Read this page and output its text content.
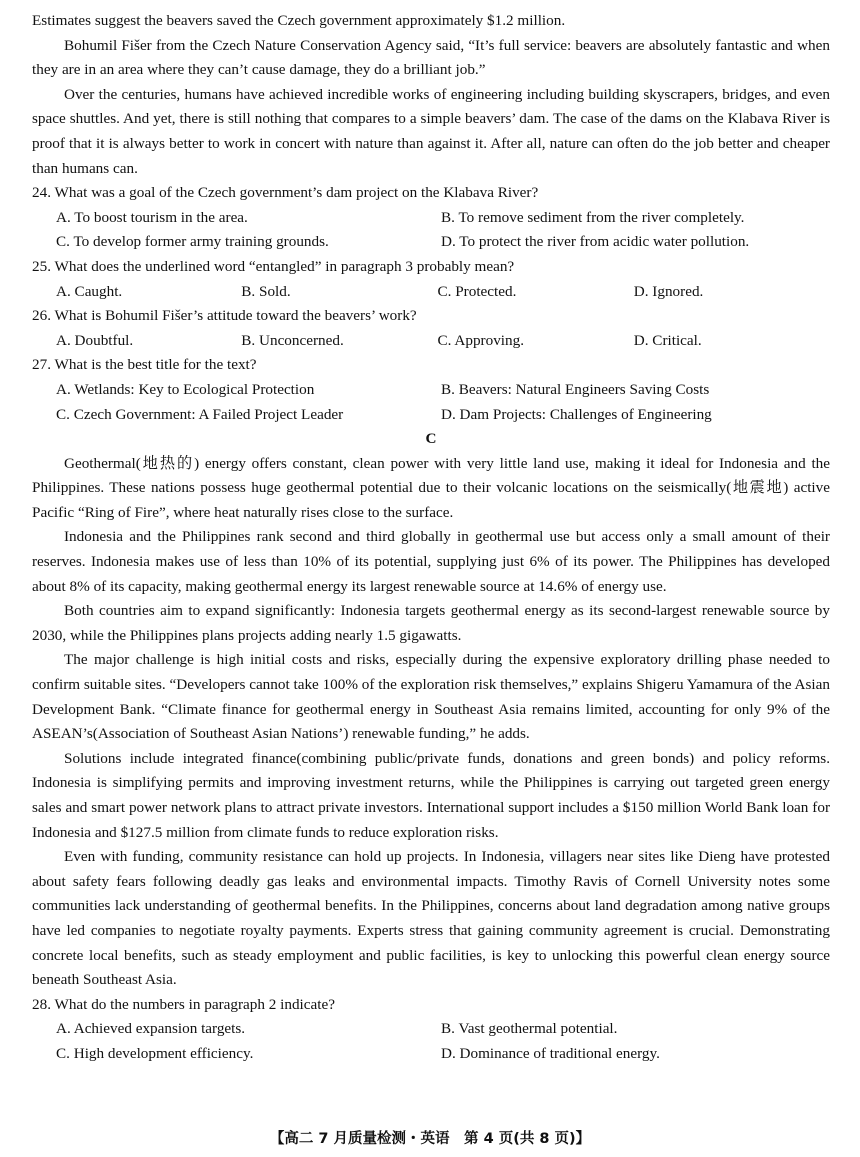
Estimates suggest the beavers saved the Czech government approximately $1.2 million.

Bohumil Fišer from the Czech Nature Conservation Agency said, “It’s full service: beavers are absolutely fantastic and when they are in an area where they can’t cause damage, they do a brilliant job.”

Over the centuries, humans have achieved incredible works of engineering including building skyscrapers, bridges, and even space shuttles. And yet, there is still nothing that compares to a simple beavers’ dam. The case of the dams on the Klabava River is proof that it is always better to work in concert with nature than against it. After all, nature can often do the job better and cheaper than humans can.

24. What was a goal of the Czech government’s dam project on the Klabava River?

A. To boost tourism in the area.	B. To remove sediment from the river completely.
C. To develop former army training grounds.	D. To protect the river from acidic water pollution.

25. What does the underlined word “entangled” in paragraph 3 probably mean?

A. Caught.	B. Sold.	C. Protected.	D. Ignored.

26. What is Bohumil Fišer’s attitude toward the beavers’ work?

A. Doubtful.	B. Unconcerned.	C. Approving.	D. Critical.

27. What is the best title for the text?

A. Wetlands: Key to Ecological Protection	B. Beavers: Natural Engineers Saving Costs
C. Czech Government: A Failed Project Leader	D. Dam Projects: Challenges of Engineering

C

Geothermal(地热的) energy offers constant, clean power with very little land use, making it ideal for Indonesia and the Philippines. These nations possess huge geothermal potential due to their volcanic locations on the seismically(地震地) active Pacific “Ring of Fire”, where heat naturally rises close to the surface.

Indonesia and the Philippines rank second and third globally in geothermal use but access only a small amount of their reserves. Indonesia makes use of less than 10% of its potential, supplying just 6% of its power. The Philippines has developed about 8% of its capacity, making geothermal energy its largest renewable source at 14.6% of energy use.

Both countries aim to expand significantly: Indonesia targets geothermal energy as its second-largest renewable source by 2030, while the Philippines plans projects adding nearly 1.5 gigawatts.

The major challenge is high initial costs and risks, especially during the expensive exploratory drilling phase needed to confirm suitable sites. “Developers cannot take 100% of the exploration risk themselves,” explains Shigeru Yamamura of the Asian Development Bank. “Climate finance for geothermal energy in Southeast Asia remains limited, accounting for only 9% of the ASEAN’s(Association of Southeast Asian Nations’) renewable funding,” he adds.

Solutions include integrated finance(combining public/private funds, donations and green bonds) and policy reforms. Indonesia is simplifying permits and improving investment returns, while the Philippines is carrying out targeted green energy sales and smart power network plans to attract private investors. International support includes a $150 million World Bank loan for Indonesia and $127.5 million from climate funds to reduce exploration risks.

Even with funding, community resistance can hold up projects. In Indonesia, villagers near sites like Dieng have protested about safety fears following deadly gas leaks and environmental impacts. Timothy Ravis of Cornell University notes some communities lack understanding of geothermal benefits. In the Philippines, concerns about land degradation among native groups have led companies to negotiate royalty payments. Experts stress that gaining community agreement is crucial. Demonstrating concrete local benefits, such as steady employment and public facilities, is key to unlocking this powerful clean energy source beneath Southeast Asia.

28. What do the numbers in paragraph 2 indicate?

A. Achieved expansion targets.	B. Vast geothermal potential.
C. High development efficiency.	D. Dominance of traditional energy.
【高二 7 月质量检测・英语　第 4 页(共 8 页)】
